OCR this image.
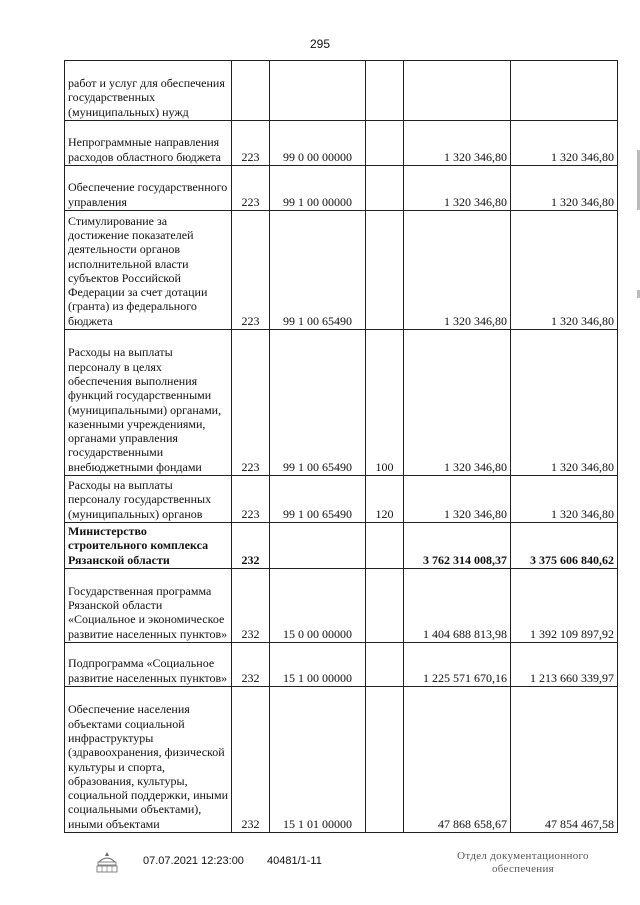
295
работ и услуг для обеспечения государственных (муниципальных) нужд					
Непрограммные направления расходов областного бюджета	223	99 0 00 00000		1 320 346,80	1 320 346,80
Обеспечение государственного управления	223	99 1 00 00000		1 320 346,80	1 320 346,80
Стимулирование за достижение показателей деятельности органов исполнительной власти субъектов Российской Федерации за счет дотации (гранта) из федерального бюджета	223	99 1 00 65490		1 320 346,80	1 320 346,80
Расходы на выплаты персоналу в целях обеспечения выполнения функций государственными (муниципальными) органами, казенными учреждениями, органами управления государственными внебюджетными фондами	223	99 1 00 65490	100	1 320 346,80	1 320 346,80
Расходы на выплаты персоналу государственных (муниципальных) органов	223	99 1 00 65490	120	1 320 346,80	1 320 346,80
Министерство строительного комплекса Рязанской области	232			3 762 314 008,37	3 375 606 840,62
Государственная программа Рязанской области «Социальное и экономическое развитие населенных пунктов»	232	15 0 00 00000		1 404 688 813,98	1 392 109 897,92
Подпрограмма «Социальное развитие населенных пунктов»	232	15 1 00 00000		1 225 571 670,16	1 213 660 339,97
Обеспечение населения объектами социальной инфраструктуры (здравоохранения, физической культуры и спорта, образования, культуры, социальной поддержки, иными социальными объектами), иными объектами	232	15 1 01 00000		47 868 658,67	47 854 467,58
07.07.2021 12:23:00 40481/1-11	Отдел документационного
обеспечения
